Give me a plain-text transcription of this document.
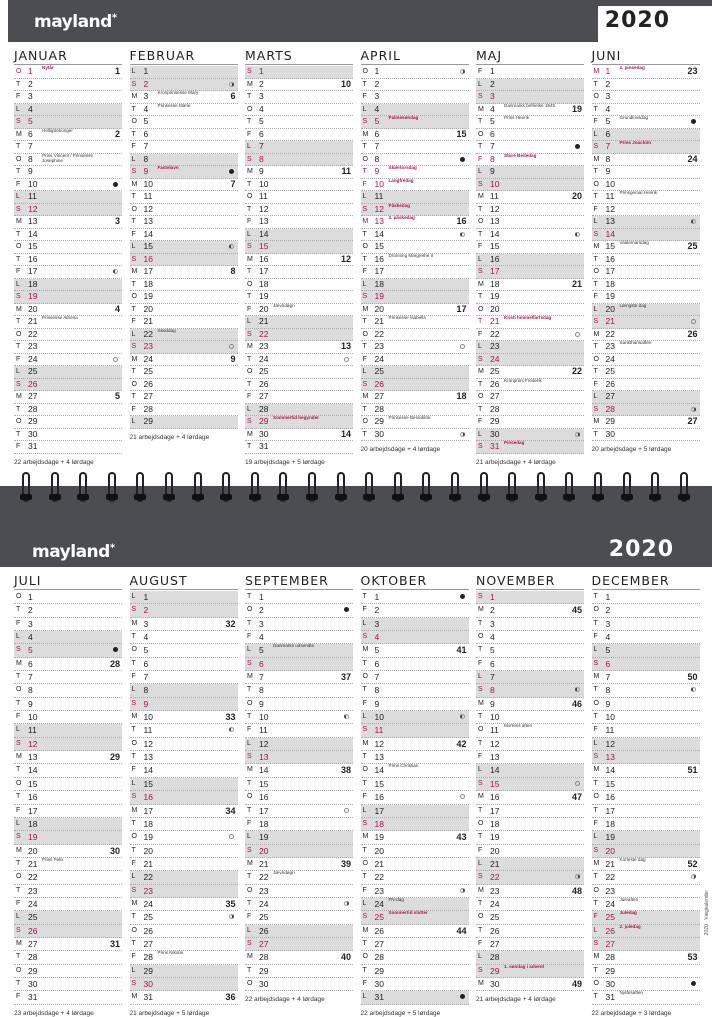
mayland*	2020
JANUAR
O 1 Nytår	1
T 2
F 3
L 4
S 5
M 6 Helligtrekonger	2
T 7
O 8 Prins Vincent / Prinsesse Josephine
T 9
F 10
L 11
S 12
M 13	3
T 14
O 15
T 16
F 17
L 18
S 19
M 20	4
T 21 Prinsesse Athena
O 22
T 23
F 24
L 25
S 26
M 27	5
T 28
O 29
T 30
F 31
22 arbejdsdage + 4 lørdage
FEBRUAR
L 1
S 2
M 3 Kronprinsesse Mary	6
T 4 Prinsesse Marie
O 5
T 6
F 7
L 8
S 9 Fastelavn
M 10	7
T 11
O 12
T 13
F 14
L 15
S 16
M 17	8
T 18
O 19
T 20
F 21
L 22 Skuddag
S 23
M 24	9
T 25
O 26
T 27
F 28
L 29
21 arbejdsdage + 4 lørdage
MARTS
S 1
M 2	10
T 3
O 4
T 5
F 6
L 7
S 8
M 9	11
T 10
O 11
T 12
F 13
L 14
S 15
M 16	12
T 17
O 18
T 19
F 20 Jævndøgn
L 21
S 22
M 23	13
T 24
O 25
T 26
F 27
L 28
S 29 Sommertid begynder
M 30	14
T 31
19 arbejdsdage + 5 lørdage
APRIL
O 1
T 2
F 3
L 4
S 5 Palmesøndag
M 6	15
T 7
O 8
T 9 Skærtorsdag
F 10 Langfredag
L 11
S 12 Påskedag
M 13 2. påskedag	16
T 14
O 15
T 16 Dronning Margrethe II
F 17
L 18
S 19
M 20	17
T 21 Prinsesse Isabella
O 22
T 23
F 24
L 25
S 26
M 27	18
T 28
O 29 Prinsesse Benedikte
T 30
20 arbejdsdage + 4 lørdage
MAJ
F 1
L 2
S 3
M 4 Danmarks befrielse 1945	19
T 5 Prins Henrik
O 6
T 7
F 8 Store Bededag
L 9
S 10
M 11	20
T 12
O 13
T 14
F 15
L 16
S 17
M 18	21
T 19
O 20
T 21 Kristi himmelfartsdag
F 22
L 23
S 24
M 25	22
T 26 Kronprins Frederik
O 27
T 28
F 29
L 30
S 31 Pinsedag
21 arbejdsdage + 4 lørdage
JUNI
M 1 2. pinsedag	23
T 2
O 3
T 4
F 5 Grundlovsdag
L 6
S 7 Prins Joachim
M 8	24
T 9
O 10
T 11 Prinsgemal Henrik
F 12
L 13
S 14
M 15 Valdemarsdag	25
T 16
O 17
T 18
F 19
L 20 Længste dag
S 21
M 22	26
T 23 Sankthansaften
O 24
T 25
F 26
L 27
S 28
M 29	27
T 30
20 arbejdsdage + 5 lørdage
mayland*	2020
JULI
O 1
T 2
F 3
L 4
S 5
M 6	28
T 7
O 8
T 9
F 10
L 11
S 12
M 13	29
T 14
O 15
T 16
F 17
L 18
S 19
M 20	30
T 21 Prins Felix
O 22
T 23
F 24
L 25
S 26
M 27	31
T 28
O 29
T 30
F 31
23 arbejdsdage + 4 lørdage
AUGUST
L 1
S 2
M 3	32
T 4
O 5
T 6
F 7
L 8
S 9
M 10	33
T 11
O 12
T 13
F 14
L 15
S 16
M 17	34
T 18
O 19
T 20
F 21
L 22
S 23
M 24	35
T 25
O 26
T 27
F 28 Prins Nikolai
L 29
S 30
M 31	36
21 arbejdsdage + 5 lørdage
SEPTEMBER
T 1
O 2
T 3
F 4
L 5 Danmarks udsendte
S 6
M 7	37
T 8
O 9
T 10
F 11
L 12
S 13
M 14	38
T 15
O 16
T 17
F 18
L 19
S 20
M 21	39
T 22 Jævndøgn
O 23
T 24
F 25
L 26
S 27
M 28	40
T 29
O 30
22 arbejdsdage + 4 lørdage
OKTOBER
T 1
F 2
L 3
S 4
M 5	41
T 6
O 7
T 8
F 9
L 10
S 11
M 12	42
T 13
O 14 Prins Christian
T 15
F 16
L 17
S 18
M 19	43
T 20
O 21
T 22
F 23
L 24 FN-dag
S 25 Sommertid slutter
M 26	44
T 27
O 28
T 29
F 30
L 31
22 arbejdsdage + 5 lørdage
NOVEMBER
S 1
M 2	45
T 3
O 4
T 5
F 6
L 7
S 8
M 9	46
T 10
O 11 Mortens aften
T 12
F 13
L 14
S 15
M 16	47
T 17
O 18
T 19
F 20
L 21
S 22
M 23	48
T 24
O 25
T 26
F 27
L 28
S 29 1. søndag i advent
M 30	49
21 arbejdsdage + 4 lørdage
DECEMBER
T 1
O 2
T 3
F 4
L 5
S 6
M 7	50
T 8
O 9
T 10
F 11
L 12
S 13
M 14	51
T 15
O 16
T 17
F 18
L 19
S 20
M 21 Korteste dag	52
T 22
O 23
T 24 Juleaften
F 25 Juledag
L 26 2. juledag
S 27
M 28	53
T 29
O 30
T 31 Nytårsaften
22 arbejdsdage + 3 lørdage
2020 · Vægkalender
